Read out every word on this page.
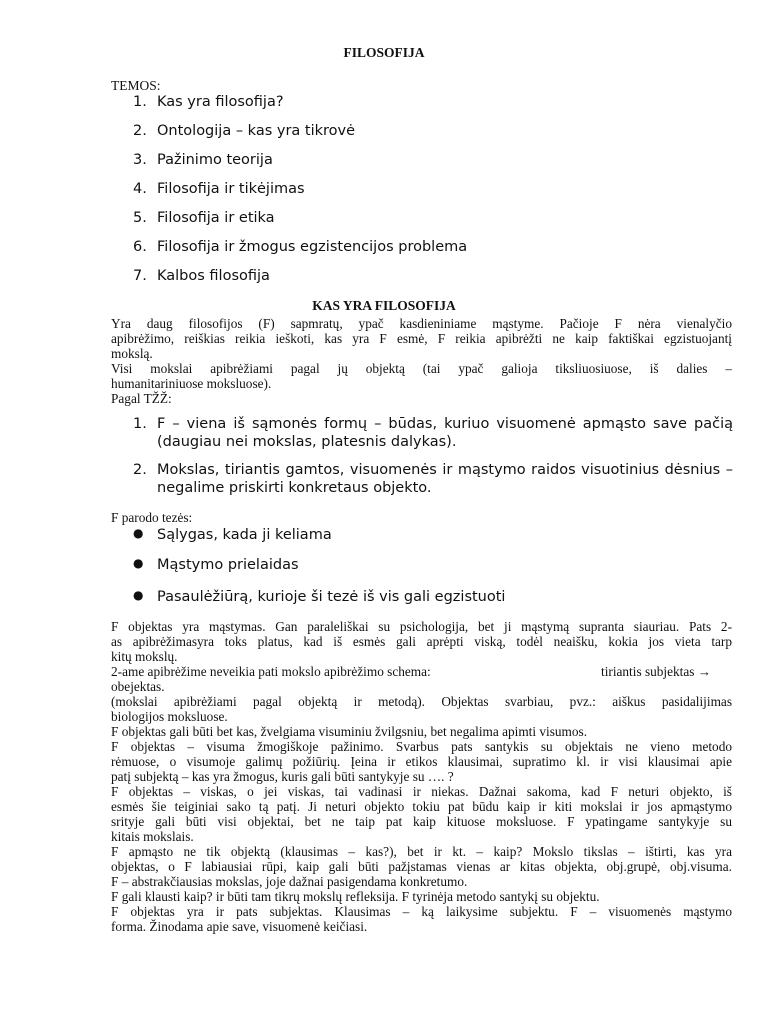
FILOSOFIJA
TEMOS:
1. Kas yra filosofija?
2. Ontologija – kas yra tikrovė
3. Pažinimo teorija
4. Filosofija ir tikėjimas
5. Filosofija ir etika
6. Filosofija ir žmogus egzistencijos problema
7. Kalbos filosofija
KAS YRA FILOSOFIJA
Yra daug filosofijos (F) sapmratų, ypač kasdieniniame mąstyme. Pačioje F nėra vienalyčio
apibrėžimo, reiškias reikia ieškoti, kas yra F esmė, F reikia apibrėžti ne kaip faktiškai egzistuojantį
mokslą.
Visi mokslai apibrėžiami pagal jų objektą (tai ypač galioja tiksliuosiuose, iš dalies –
humanitariniuose moksluose).
Pagal TŽŽ:
1. F – viena iš sąmonės formų – būdas, kuriuo visuomenė apmąsto save pačią (daugiau nei mokslas, platesnis dalykas).
2. Mokslas, tiriantis gamtos, visuomenės ir mąstymo raidos visuotinius dėsnius – negalime priskirti konkretaus objekto.
F parodo tezės:
● Sąlygas, kada ji keliama
● Mąstymo prielaidas
● Pasaulėžiūrą, kurioje ši tezė iš vis gali egzistuoti
F objektas yra mąstymas. Gan paraleliškai su psichologija, bet ji mąstymą supranta siauriau. Pats 2-
as apibrėžimasyra toks platus, kad iš esmės gali aprėpti viską, todėl neaišku, kokia jos vieta tarp
kitų mokslų.
2-ame apibrėžime neveikia pati mokslo apibrėžimo schema:	tiriantis subjektas →
obejektas.
(mokslai apibrėžiami pagal objektą ir metodą). Objektas svarbiau, pvz.: aiškus pasidalijimas
biologijos moksluose.
F objektas gali būti bet kas, žvelgiama visuminiu žvilgsniu, bet negalima apimti visumos.
F objektas – visuma žmogiškoje pažinimo. Svarbus pats santykis su objektais ne vieno metodo
rėmuose, o visumoje galimų požiūrių. Įeina ir etikos klausimai, supratimo kl. ir visi klausimai apie
patį subjektą – kas yra žmogus, kuris gali būti santykyje su …. ?
F objektas – viskas, o jei viskas, tai vadinasi ir niekas. Dažnai sakoma, kad F neturi objekto, iš
esmės šie teiginiai sako tą patį. Ji neturi objekto tokiu pat būdu kaip ir kiti mokslai ir jos apmąstymo
srityje gali būti visi objektai, bet ne taip pat kaip kituose moksluose. F ypatingame santykyje su
kitais mokslais.
F apmąsto ne tik objektą (klausimas – kas?), bet ir kt. – kaip? Mokslo tikslas – ištirti, kas yra
objektas, o F labiausiai rūpi, kaip gali būti pažįstamas vienas ar kitas objekta, obj.grupė, obj.visuma.
F – abstrakčiausias mokslas, joje dažnai pasigendama konkretumo.
F gali klausti kaip? ir būti tam tikrų mokslų refleksija. F tyrinėja metodo santykį su objektu.
F objektas yra ir pats subjektas. Klausimas – ką laikysime subjektu. F – visuomenės mąstymo
forma. Žinodama apie save, visuomenė keičiasi.
